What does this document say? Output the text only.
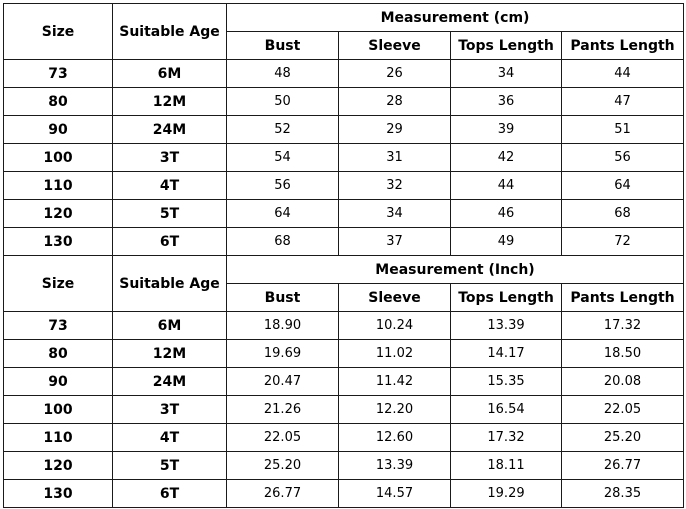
Size	Suitable Age	Measurement (cm)			
		Bust	Sleeve	Tops Length	Pants Length
73	6M	48	26	34	44
80	12M	50	28	36	47
90	24M	52	29	39	51
100	3T	54	31	42	56
110	4T	56	32	44	64
120	5T	64	34	46	68
130	6T	68	37	49	72
Size	Suitable Age	Measurement (Inch)			
		Bust	Sleeve	Tops Length	Pants Length
73	6M	18.90	10.24	13.39	17.32
80	12M	19.69	11.02	14.17	18.50
90	24M	20.47	11.42	15.35	20.08
100	3T	21.26	12.20	16.54	22.05
110	4T	22.05	12.60	17.32	25.20
120	5T	25.20	13.39	18.11	26.77
130	6T	26.77	14.57	19.29	28.35
